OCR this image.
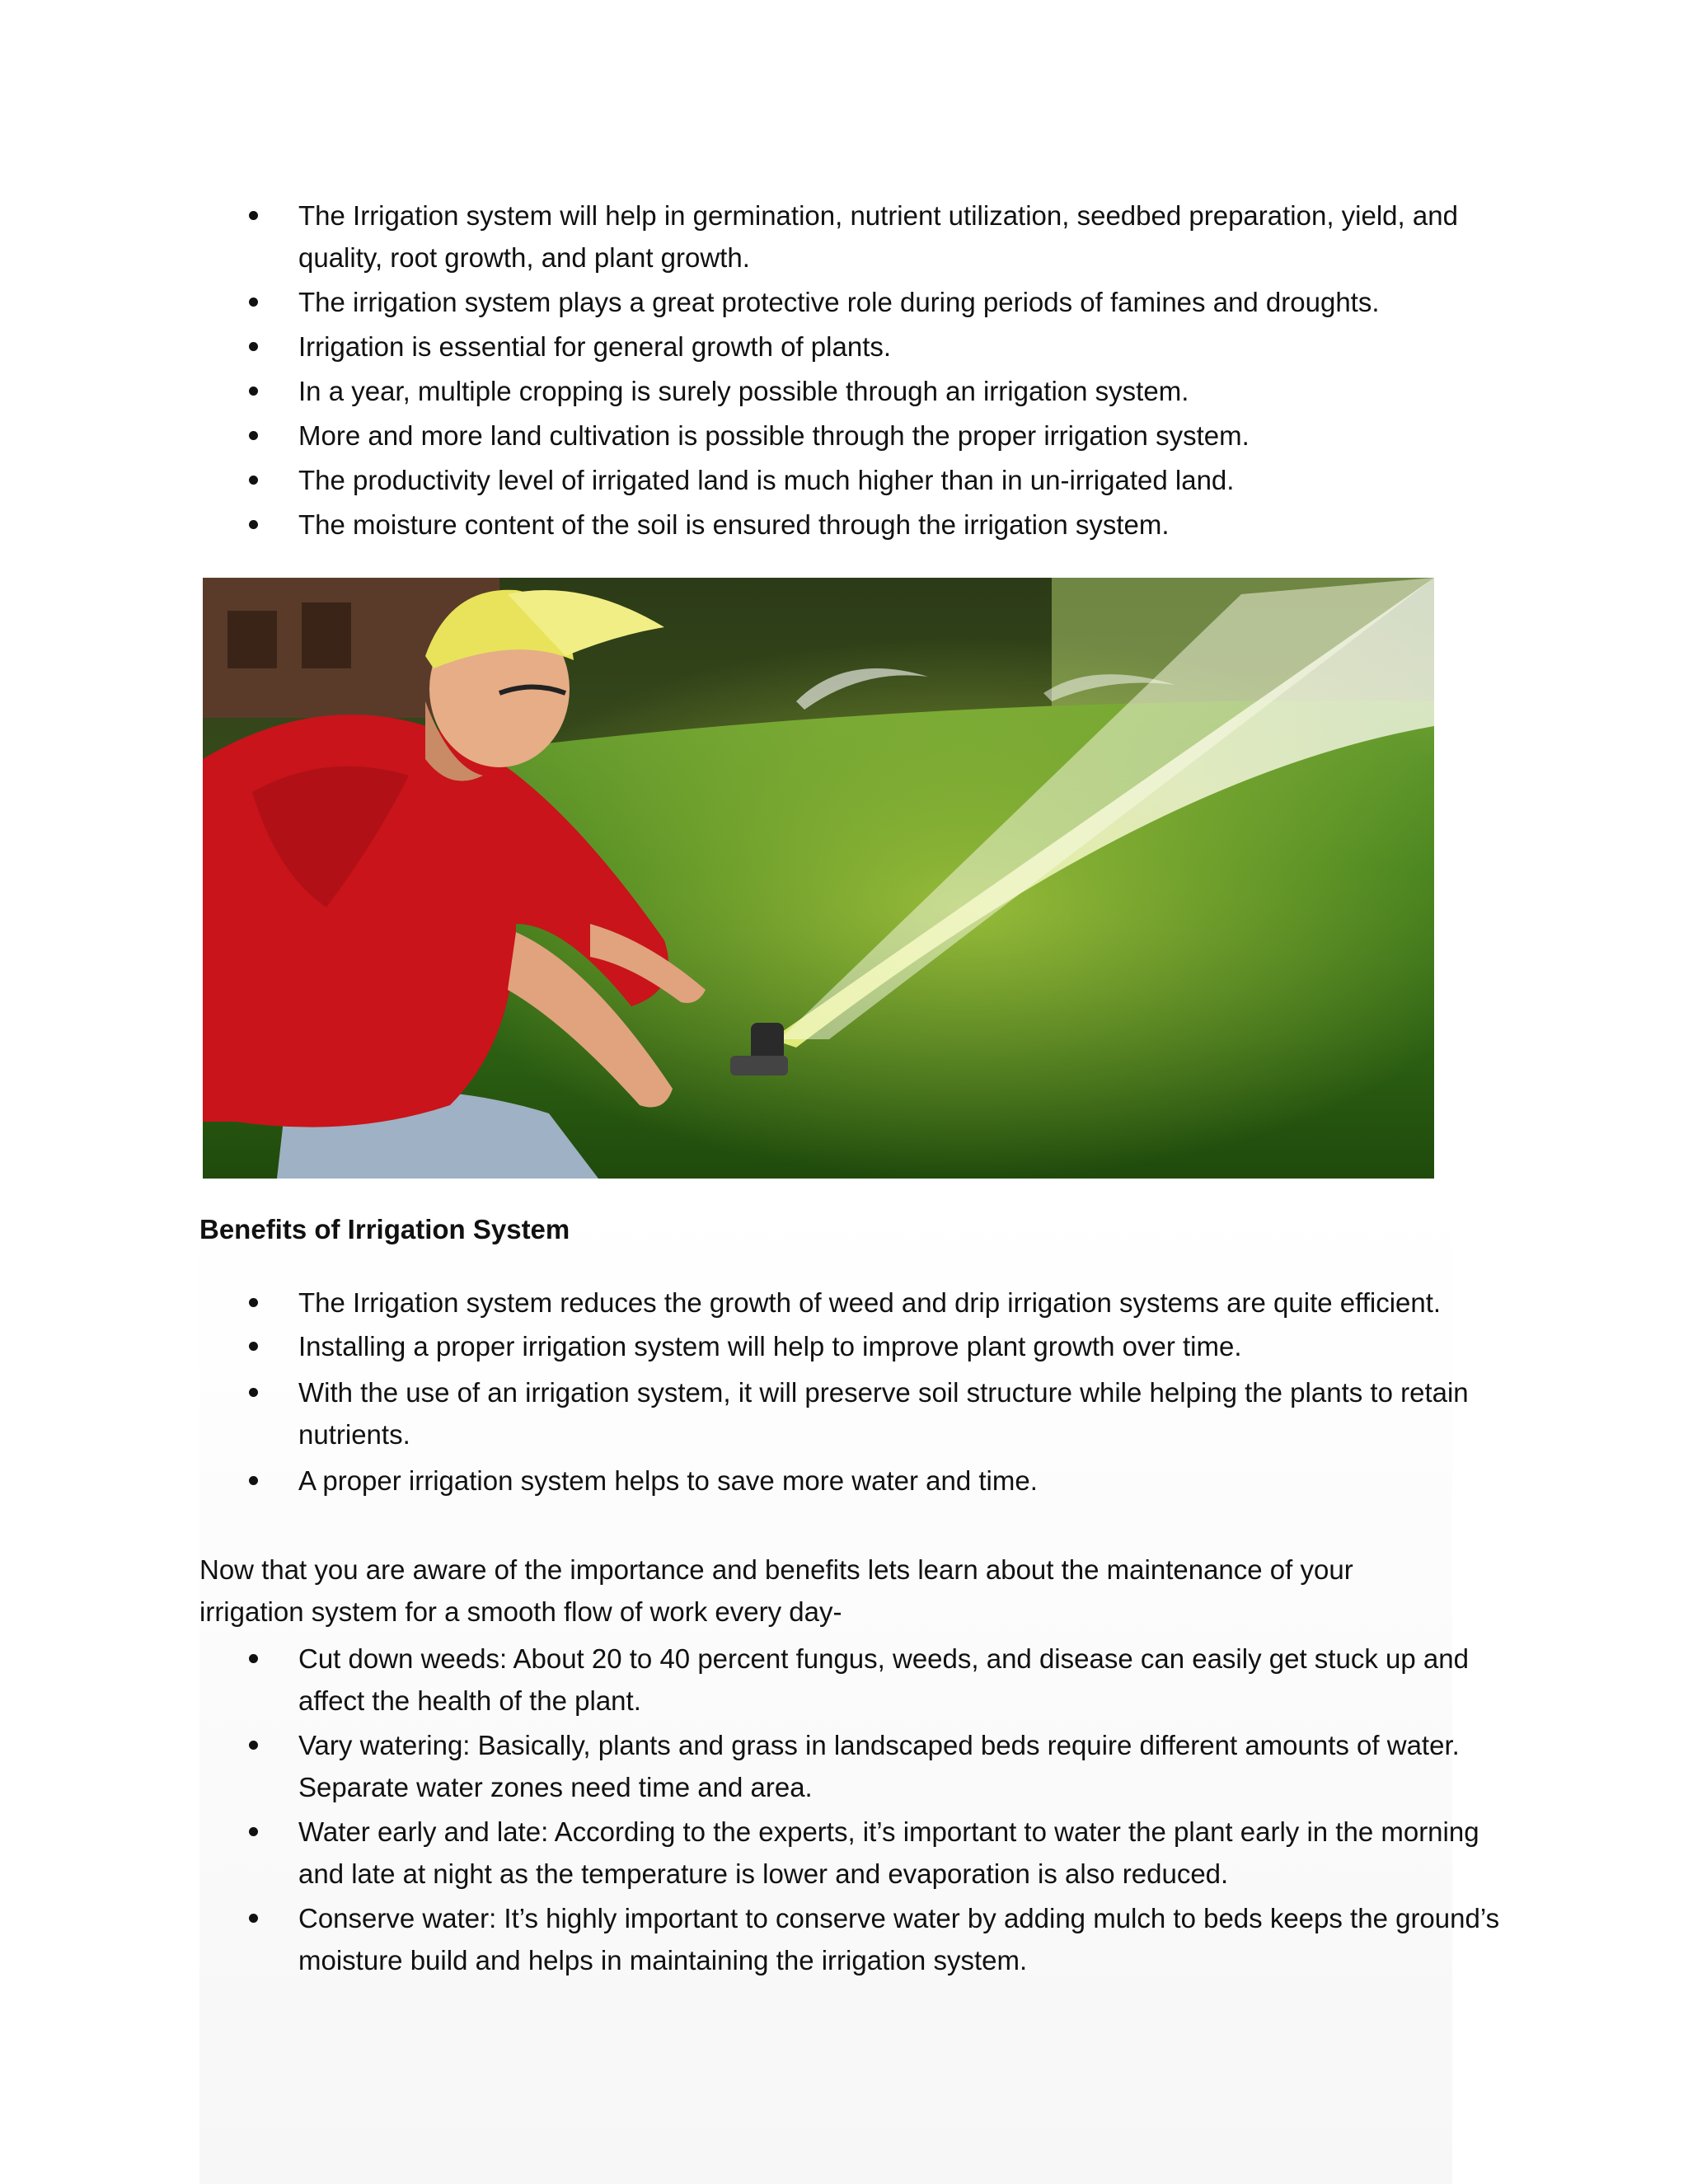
The Irrigation system will help in germination, nutrient utilization, seedbed preparation, yield, and quality, root growth, and plant growth.
The irrigation system plays a great protective role during periods of famines and droughts.
Irrigation is essential for general growth of plants.
In a year, multiple cropping is surely possible through an irrigation system.
More and more land cultivation is possible through the proper irrigation system.
The productivity level of irrigated land is much higher than in un-irrigated land.
The moisture content of the soil is ensured through the irrigation system.
Benefits of Irrigation System
The Irrigation system reduces the growth of weed and drip irrigation systems are quite efficient.
Installing a proper irrigation system will help to improve plant growth over time.
With the use of an irrigation system, it will preserve soil structure while helping the plants to retain nutrients.
A proper irrigation system helps to save more water and time.

Now that you are aware of the importance and benefits lets learn about the maintenance of your irrigation system for a smooth flow of work every day-

Cut down weeds: About 20 to 40 percent fungus, weeds, and disease can easily get stuck up and affect the health of the plant.
Vary watering: Basically, plants and grass in landscaped beds require different amounts of water. Separate water zones need time and area.
Water early and late: According to the experts, it’s important to water the plant early in the morning and late at night as the temperature is lower and evaporation is also reduced.
Conserve water: It’s highly important to conserve water by adding mulch to beds keeps the ground’s moisture build and helps in maintaining the irrigation system.
